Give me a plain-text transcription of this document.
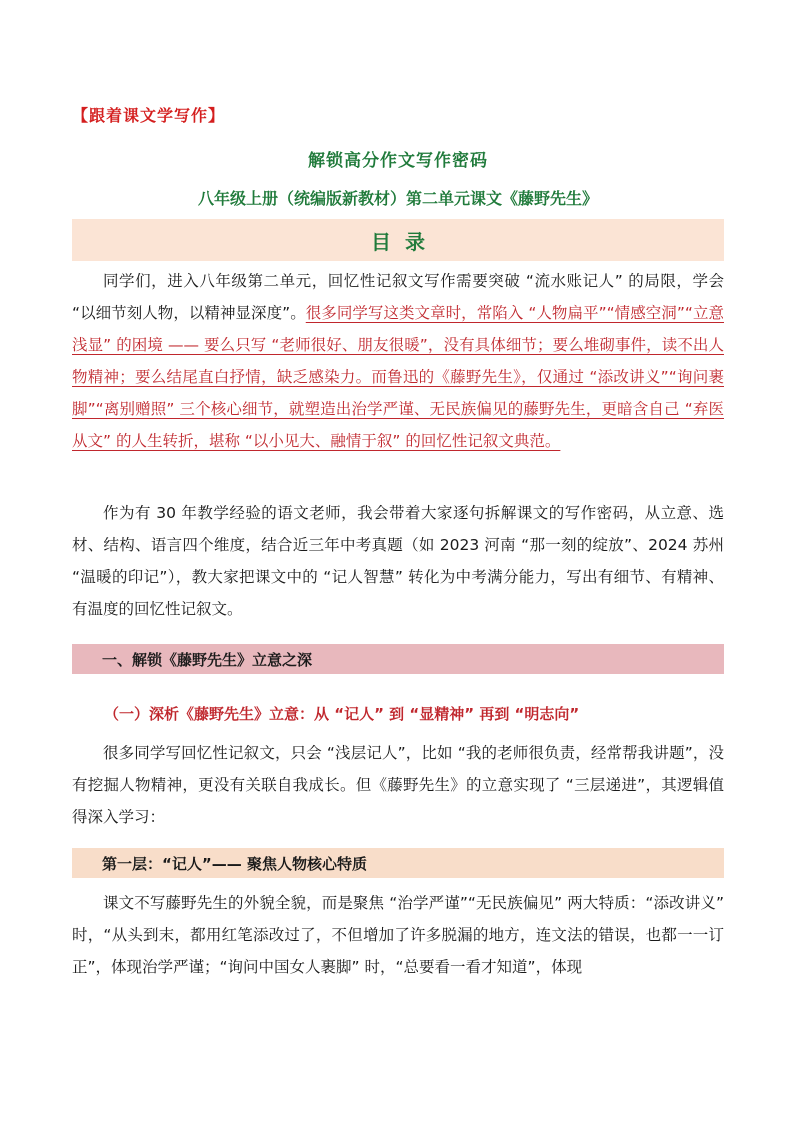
【跟着课文学写作】
解锁高分作文写作密码
八年级上册（统编版新教材）第二单元课文《藤野先生》
目录
同学们，进入八年级第二单元，回忆性记叙文写作需要突破 “流水账记人” 的局限，学会 “以细节刻人物，以精神显深度”。很多同学写这类文章时，常陷入 “人物扁平”“情感空洞”“立意浅显” 的困境 —— 要么只写 “老师很好、朋友很暖”，没有具体细节；要么堆砌事件，读不出人物精神；要么结尾直白抒情，缺乏感染力。而鲁迅的《藤野先生》，仅通过 “添改讲义”“询问裹脚”“离别赠照” 三个核心细节，就塑造出治学严谨、无民族偏见的藤野先生，更暗含自己 “弃医从文” 的人生转折，堪称 “以小见大、融情于叙” 的回忆性记叙文典范。
作为有 30 年教学经验的语文老师，我会带着大家逐句拆解课文的写作密码，从立意、选材、结构、语言四个维度，结合近三年中考真题（如 2023 河南 “那一刻的绽放”、2024 苏州 “温暖的印记”），教大家把课文中的 “记人智慧” 转化为中考满分能力，写出有细节、有精神、有温度的回忆性记叙文。
一、解锁《藤野先生》立意之深
（一）深析《藤野先生》立意：从 “记人” 到 “显精神” 再到 “明志向”
很多同学写回忆性记叙文，只会 “浅层记人”，比如 “我的老师很负责，经常帮我讲题”，没有挖掘人物精神，更没有关联自我成长。但《藤野先生》的立意实现了 “三层递进”，其逻辑值得深入学习：
第一层：“记人”—— 聚焦人物核心特质
课文不写藤野先生的外貌全貌，而是聚焦 “治学严谨”“无民族偏见” 两大特质：“添改讲义” 时，“从头到末，都用红笔添改过了，不但增加了许多脱漏的地方，连文法的错误，也都一一订正”，体现治学严谨；“询问中国女人裹脚” 时，“总要看一看才知道”，体现
